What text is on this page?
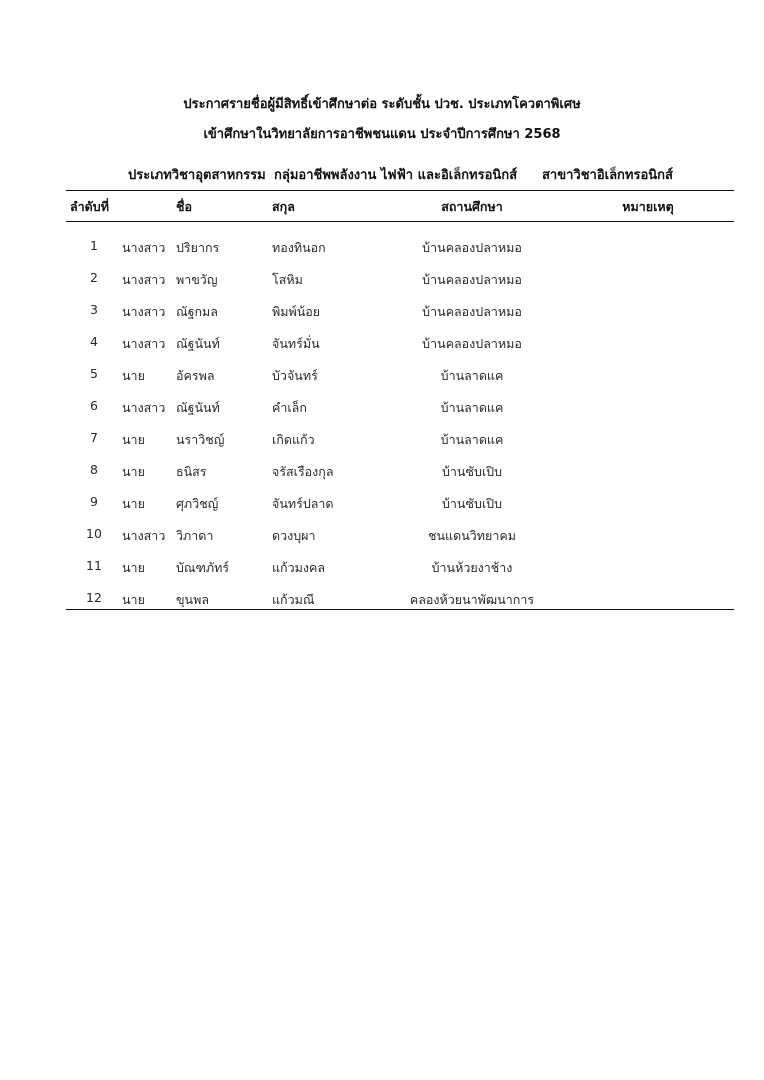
ประกาศรายชื่อผู้มีสิทธิ์เข้าศึกษาต่อ ระดับชั้น ปวช. ประเภทโควตาพิเศษ
เข้าศึกษาในวิทยาลัยการอาชีพชนแดน ประจำปีการศึกษา 2568
ประเภทวิชาอุตสาหกรรม กลุ่มอาชีพพลังงาน ไฟฟ้า และอิเล็กทรอนิกส์ สาขาวิชาอิเล็กทรอนิกส์
ลำดับที่	ชื่อ	สกุล	สถานศึกษา	หมายเหตุ
1 นางสาว ปริยากร	ทองทินอก	บ้านคลองปลาหมอ
2 นางสาว พาขวัญ	โสหิม	บ้านคลองปลาหมอ
3 นางสาว ณัฐกมล	พิมพ์น้อย	บ้านคลองปลาหมอ
4 นางสาว ณัฐนันท์	จันทร์มั่น	บ้านคลองปลาหมอ
5 นาย อัครพล	บัวจันทร์	บ้านลาดแค
6 นางสาว ณัฐนันท์	คำเล็ก	บ้านลาดแค
7 นาย นราวิชญ์	เกิดแก้ว	บ้านลาดแค
8 นาย ธนิสร	จรัสเรืองกุล	บ้านซับเปิบ
9 นาย ศุภวิชญ์	จันทร์ปลาด	บ้านซับเปิบ
10 นางสาว วิภาดา	ดวงบุผา	ชนแดนวิทยาคม
11 นาย บัณฑภัทร์	แก้วมงคล	บ้านห้วยงาช้าง
12 นาย ขุนพล	แก้วมณี	คลองห้วยนาพัฒนาการ
